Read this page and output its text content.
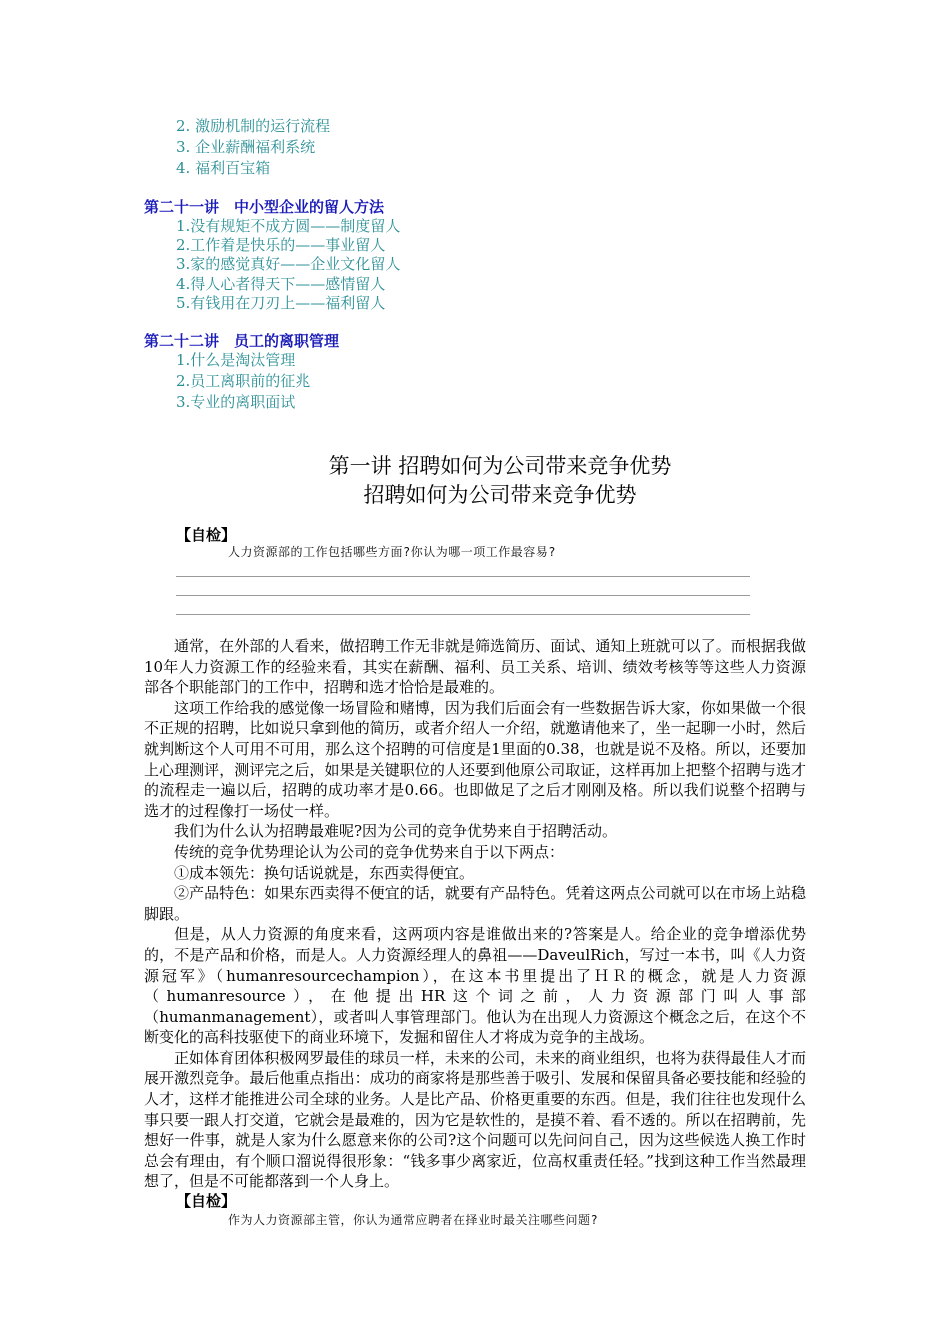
2. 激励机制的运行流程
3. 企业薪酬福利系统
4. 福利百宝箱
第二十一讲　中小型企业的留人方法
1.没有规矩不成方圆——制度留人
2.工作着是快乐的——事业留人
3.家的感觉真好——企业文化留人
4.得人心者得天下——感情留人
5.有钱用在刀刃上——福利留人
第二十二讲　员工的离职管理
1.什么是淘汰管理
2.员工离职前的征兆
3.专业的离职面试
第一讲 招聘如何为公司带来竞争优势
招聘如何为公司带来竞争优势
【自检】
人力资源部的工作包括哪些方面?你认为哪一项工作最容易?

通常，在外部的人看来，做招聘工作无非就是筛选简历、面试、通知上班就可以了。而根据我做10年人力资源工作的经验来看，其实在薪酬、福利、员工关系、培训、绩效考核等等这些人力资源部各个职能部门的工作中，招聘和选才恰恰是最难的。

这项工作给我的感觉像一场冒险和赌博，因为我们后面会有一些数据告诉大家，你如果做一个很不正规的招聘，比如说只拿到他的简历，或者介绍人一介绍，就邀请他来了，坐一起聊一小时，然后就判断这个人可用不可用，那么这个招聘的可信度是1里面的0.38，也就是说不及格。所以，还要加上心理测评，测评完之后，如果是关键职位的人还要到他原公司取证，这样再加上把整个招聘与选才的流程走一遍以后，招聘的成功率才是0.66。也即做足了之后才刚刚及格。所以我们说整个招聘与选才的过程像打一场仗一样。

我们为什么认为招聘最难呢?因为公司的竞争优势来自于招聘活动。

传统的竞争优势理论认为公司的竞争优势来自于以下两点：

①成本领先：换句话说就是，东西卖得便宜。

②产品特色：如果东西卖得不便宜的话，就要有产品特色。凭着这两点公司就可以在市场上站稳脚跟。

但是，从人力资源的角度来看，这两项内容是谁做出来的?答案是人。给企业的竞争增添优势的，不是产品和价格，而是人。人力资源经理人的鼻祖——DaveulRich，写过一本书，叫《人力资源冠军》（humanresourcechampion），在这本书里提出了ＨＲ的概念，就是人力资源（humanresource），在他提出HR这个词之前，人力资源部门叫人事部（humanmanagement），或者叫人事管理部门。他认为在出现人力资源这个概念之后，在这个不断变化的高科技驱使下的商业环境下，发掘和留住人才将成为竞争的主战场。

正如体育团体积极网罗最佳的球员一样，未来的公司，未来的商业组织，也将为获得最佳人才而展开激烈竞争。最后他重点指出：成功的商家将是那些善于吸引、发展和保留具备必要技能和经验的人才，这样才能推进公司全球的业务。人是比产品、价格更重要的东西。但是，我们往往也发现什么事只要一跟人打交道，它就会是最难的，因为它是软性的，是摸不着、看不透的。所以在招聘前，先想好一件事，就是人家为什么愿意来你的公司?这个问题可以先问问自己，因为这些候选人换工作时总会有理由，有个顺口溜说得很形象：“钱多事少离家近，位高权重责任轻。”找到这种工作当然最理想了，但是不可能都落到一个人身上。

【自检】
作为人力资源部主管，你认为通常应聘者在择业时最关注哪些问题?
